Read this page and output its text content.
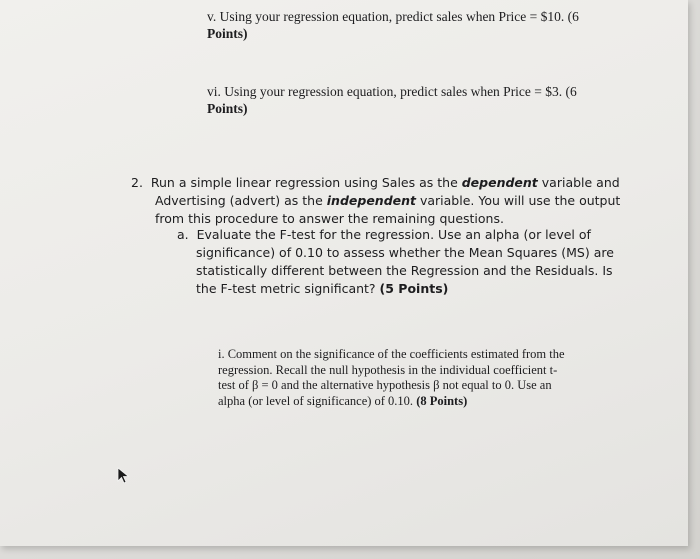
v. Using your regression equation, predict sales when Price = $10. (6
Points)

vi. Using your regression equation, predict sales when Price = $3. (6
Points)

2. Run a simple linear regression using Sales as the dependent variable and
Advertising (advert) as the independent variable. You will use the output
from this procedure to answer the remaining questions.

a. Evaluate the F-test for the regression. Use an alpha (or level of
significance) of 0.10 to assess whether the Mean Squares (MS) are
statistically different between the Regression and the Residuals. Is
the F-test metric significant? (5 Points)

i. Comment on the significance of the coefficients estimated from the
regression. Recall the null hypothesis in the individual coefficient t-
test of β = 0 and the alternative hypothesis β not equal to 0. Use an
alpha (or level of significance) of 0.10. (8 Points)
